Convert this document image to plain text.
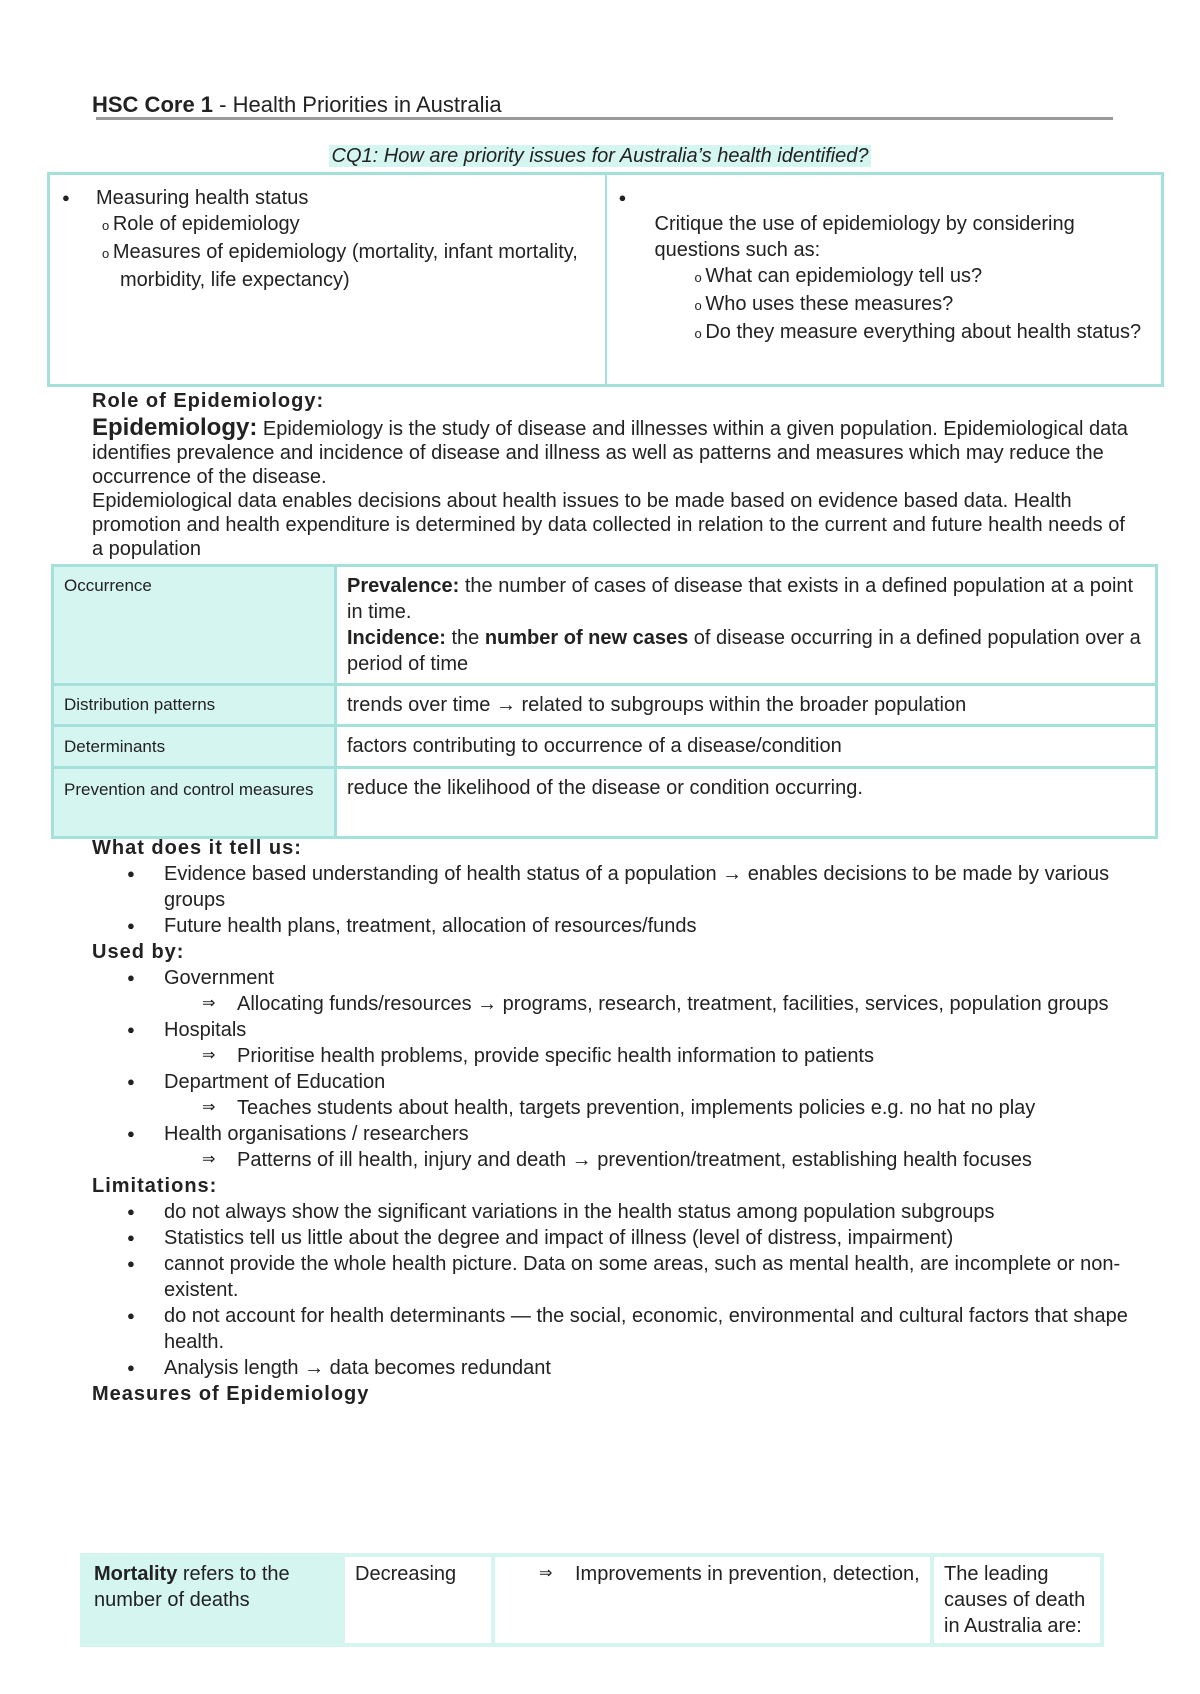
HSC Core 1 - Health Priorities in Australia
CQ1: How are priority issues for Australia’s health identified?
● Measuring health status
o Role of epidemiology
o Measures of epidemiology (mortality, infant mortality, morbidity, life expectancy)

●
Critique the use of epidemiology by considering questions such as:
o What can epidemiology tell us?
o Who uses these measures?
o Do they measure everything about health status?
Role of Epidemiology:
Epidemiology: Epidemiology is the study of disease and illnesses within a given population. Epidemiological data identifies prevalence and incidence of disease and illness as well as patterns and measures which may reduce the occurrence of the disease.
Epidemiological data enables decisions about health issues to be made based on evidence based data. Health promotion and health expenditure is determined by data collected in relation to the current and future health needs of a population
Occurrence	Prevalence: the number of cases of disease that exists in a defined population at a point in time.
Incidence: the number of new cases of disease occurring in a defined population over a period of time
Distribution patterns	trends over time → related to subgroups within the broader population
Determinants	factors contributing to occurrence of a disease/condition
Prevention and control measures	reduce the likelihood of the disease or condition occurring.
What does it tell us:
● Evidence based understanding of health status of a population → enables decisions to be made by various groups
● Future health plans, treatment, allocation of resources/funds
Used by:
● Government
⇒ Allocating funds/resources → programs, research, treatment, facilities, services, population groups
● Hospitals
⇒ Prioritise health problems, provide specific health information to patients
● Department of Education
⇒ Teaches students about health, targets prevention, implements policies e.g. no hat no play
● Health organisations / researchers
⇒ Patterns of ill health, injury and death → prevention/treatment, establishing health focuses
Limitations:
● do not always show the significant variations in the health status among population subgroups
● Statistics tell us little about the degree and impact of illness (level of distress, impairment)
● cannot provide the whole health picture. Data on some areas, such as mental health, are incomplete or non-existent.
● do not account for health determinants — the social, economic, environmental and cultural factors that shape health.
● Analysis length → data becomes redundant
Measures of Epidemiology
Mortality refers to the number of deaths	Decreasing	⇒ Improvements in prevention, detection,	The leading causes of death in Australia are:
